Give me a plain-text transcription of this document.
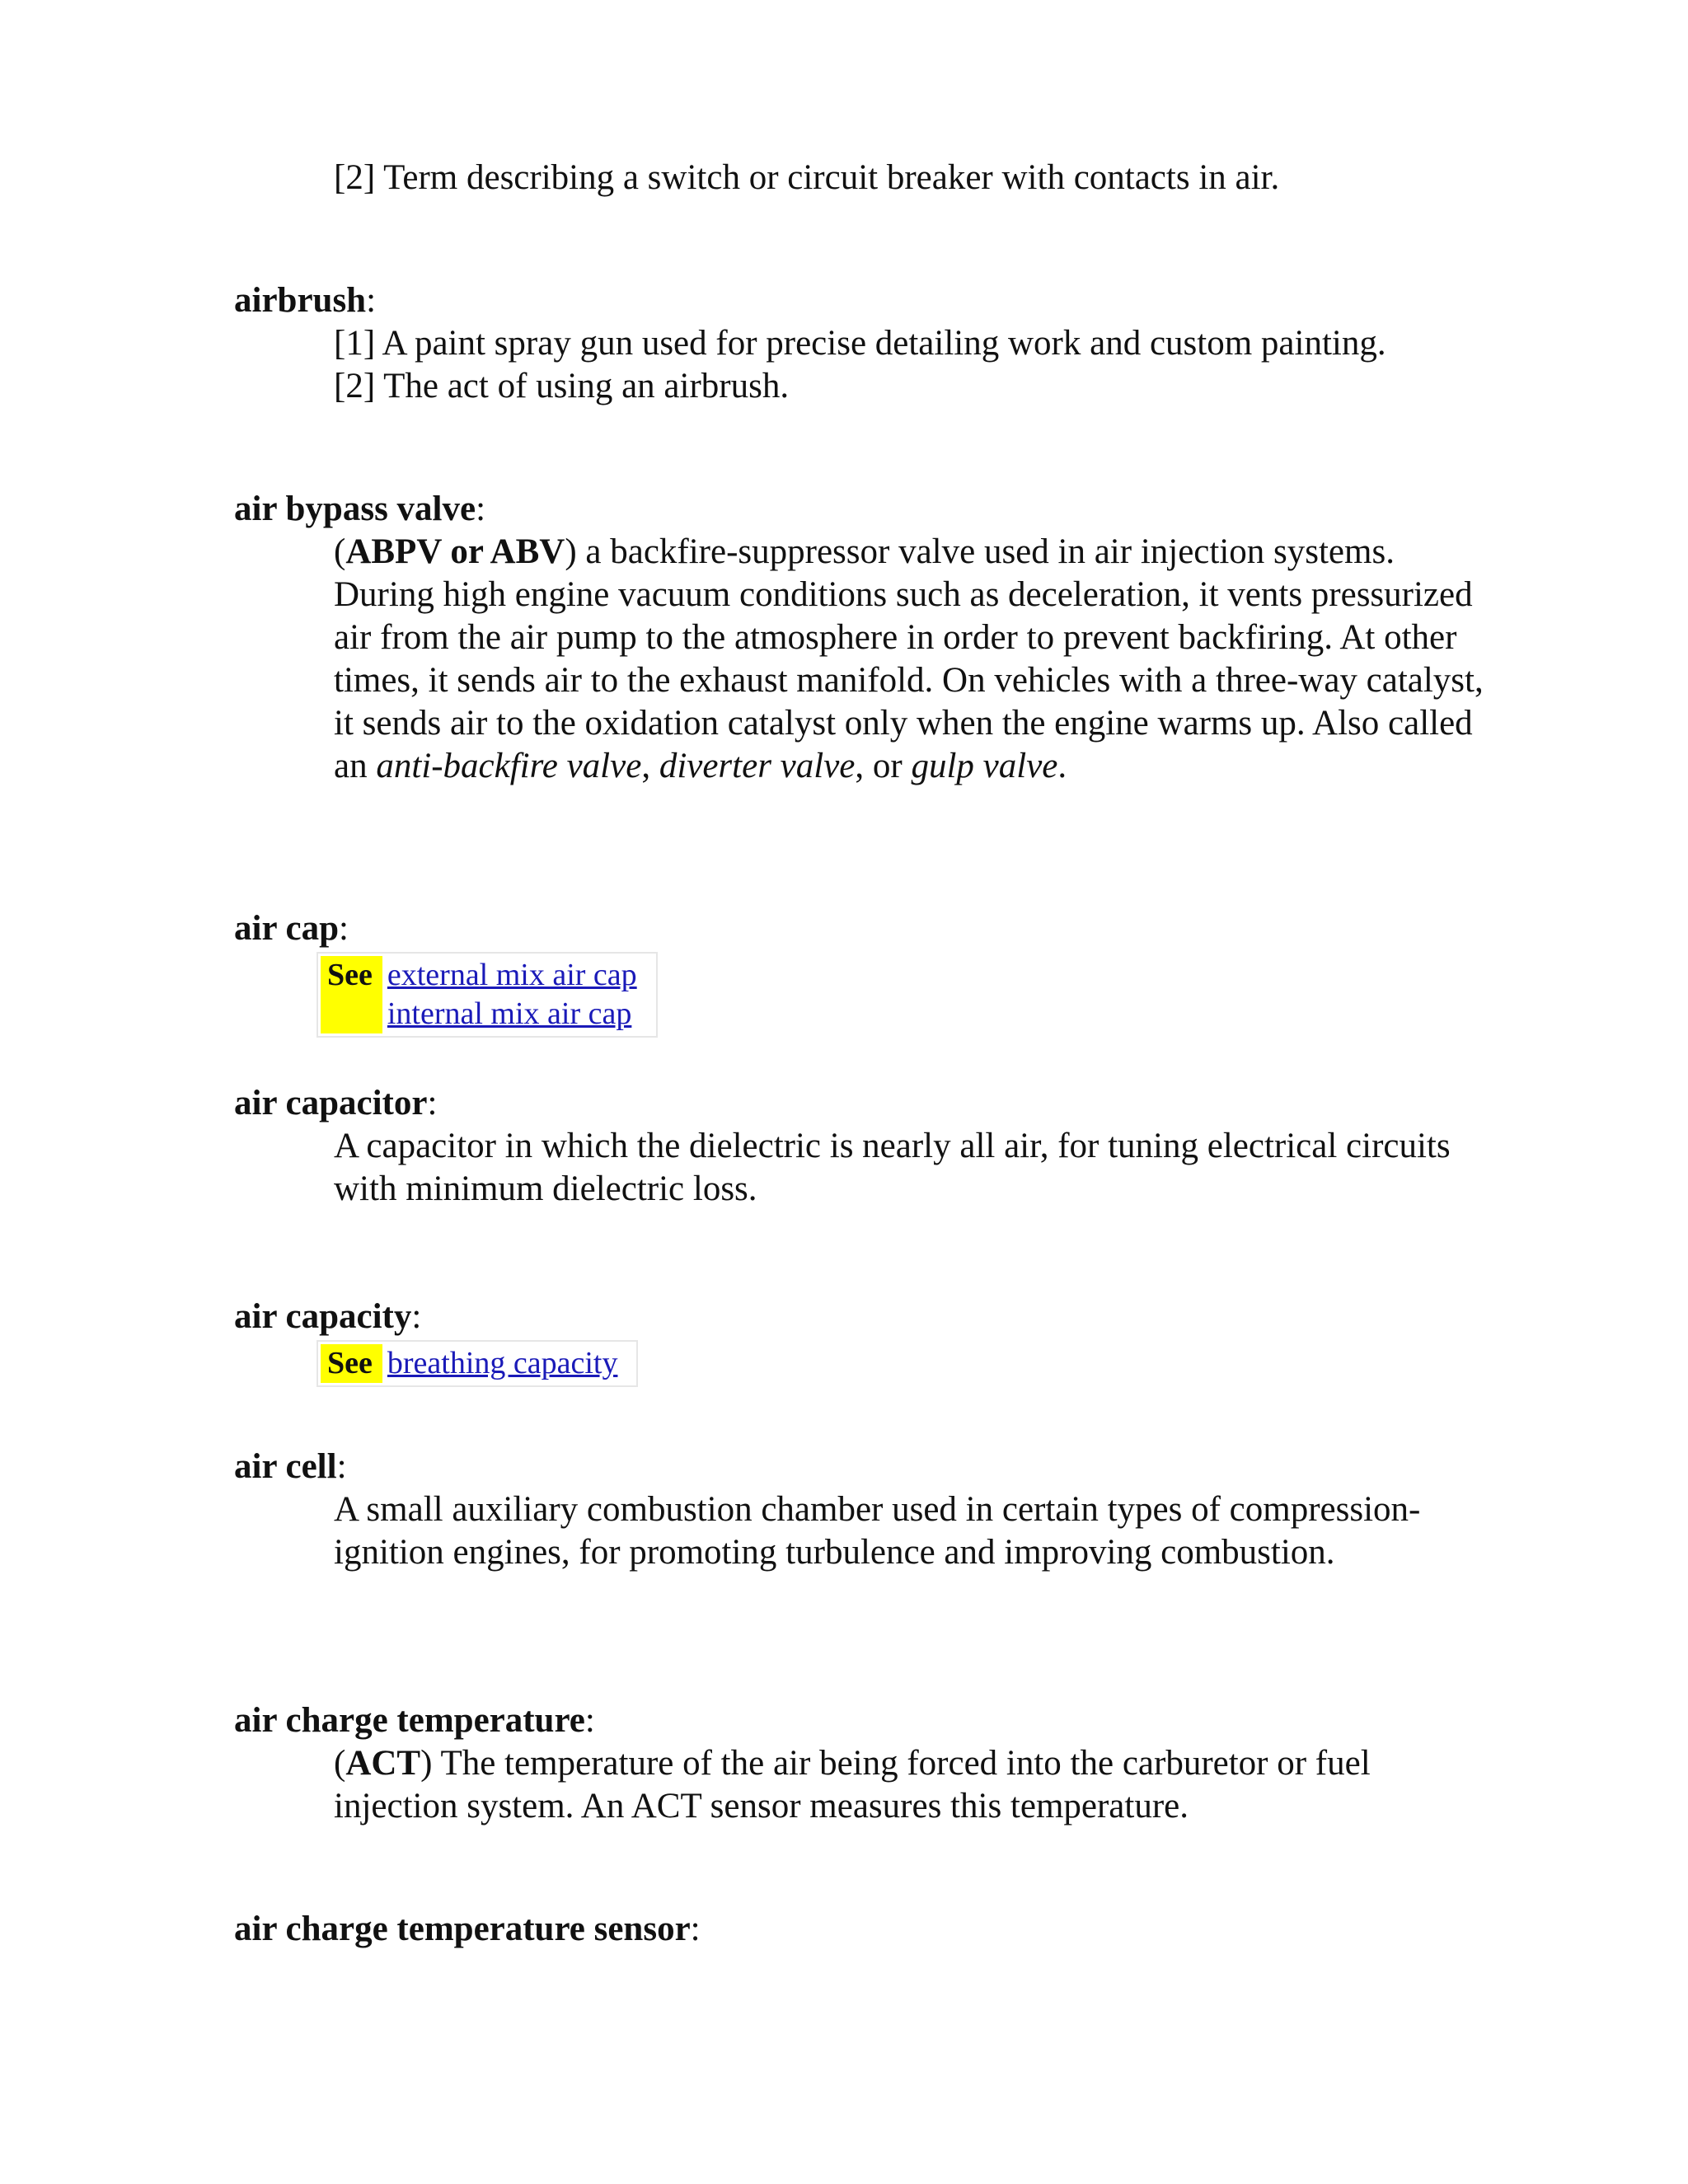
[2] Term describing a switch or circuit breaker with contacts in air.

airbrush:

[1] A paint spray gun used for precise detailing work and custom painting.

[2] The act of using an airbrush.

air bypass valve:

(ABPV or ABV) a backfire-suppressor valve used in air injection systems. During high engine vacuum conditions such as deceleration, it vents pressurized air from the air pump to the atmosphere in order to prevent backfiring. At other times, it sends air to the exhaust manifold. On vehicles with a three-way catalyst, it sends air to the oxidation catalyst only when the engine warms up. Also called an anti-backfire valve, diverter valve, or gulp valve.

air cap:
See external mix air cap
internal mix air cap
air capacitor:

A capacitor in which the dielectric is nearly all air, for tuning electrical circuits with minimum dielectric loss.

air capacity:
See breathing capacity
air cell:

A small auxiliary combustion chamber used in certain types of compression-ignition engines, for promoting turbulence and improving combustion.

air charge temperature:

(ACT) The temperature of the air being forced into the carburetor or fuel injection system. An ACT sensor measures this temperature.

air charge temperature sensor:
